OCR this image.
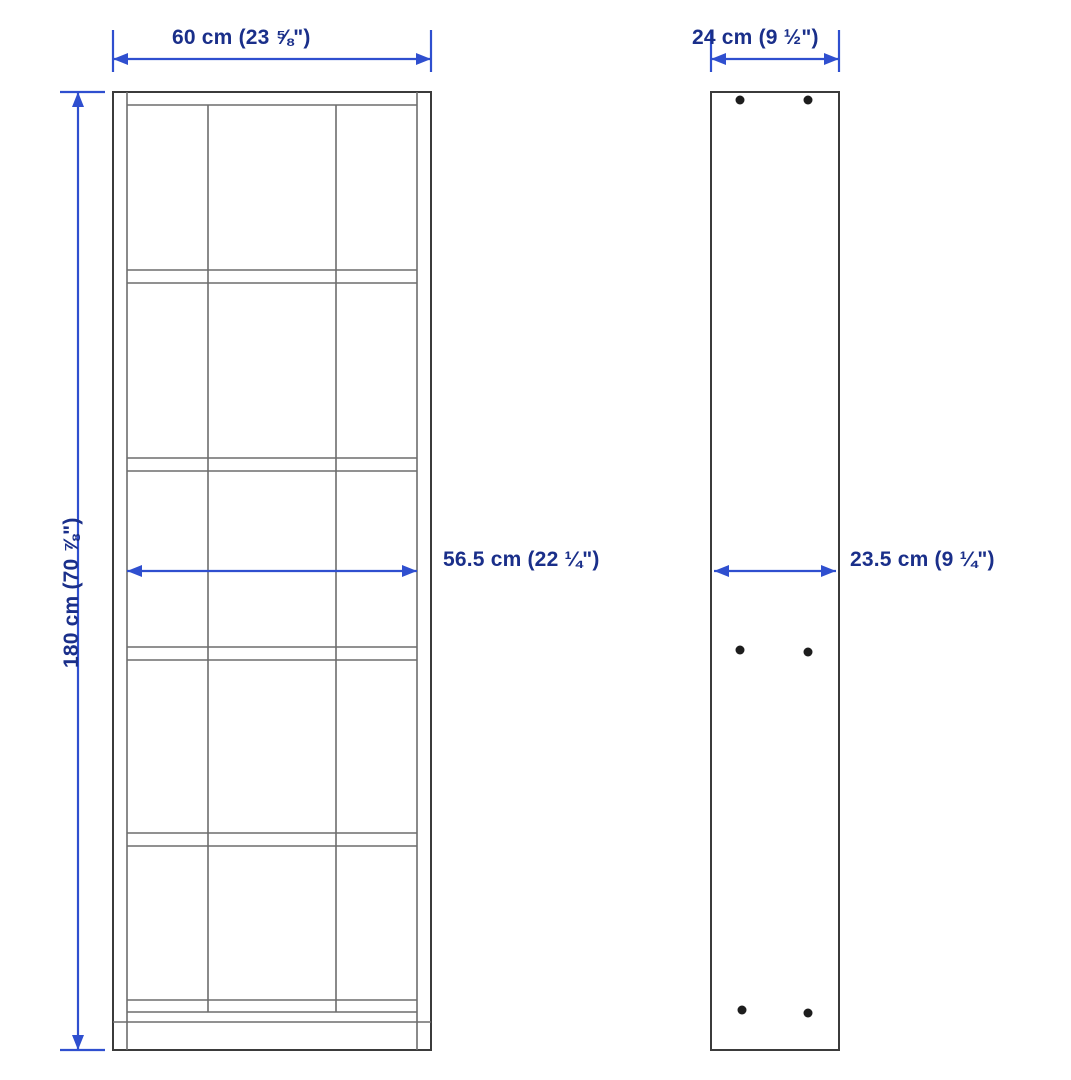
60 cm (23 ⅝")
180 cm (70 ⅞")	56.5 cm (22 ¼")
24 cm (9 ½")
23.5 cm (9 ¼")
